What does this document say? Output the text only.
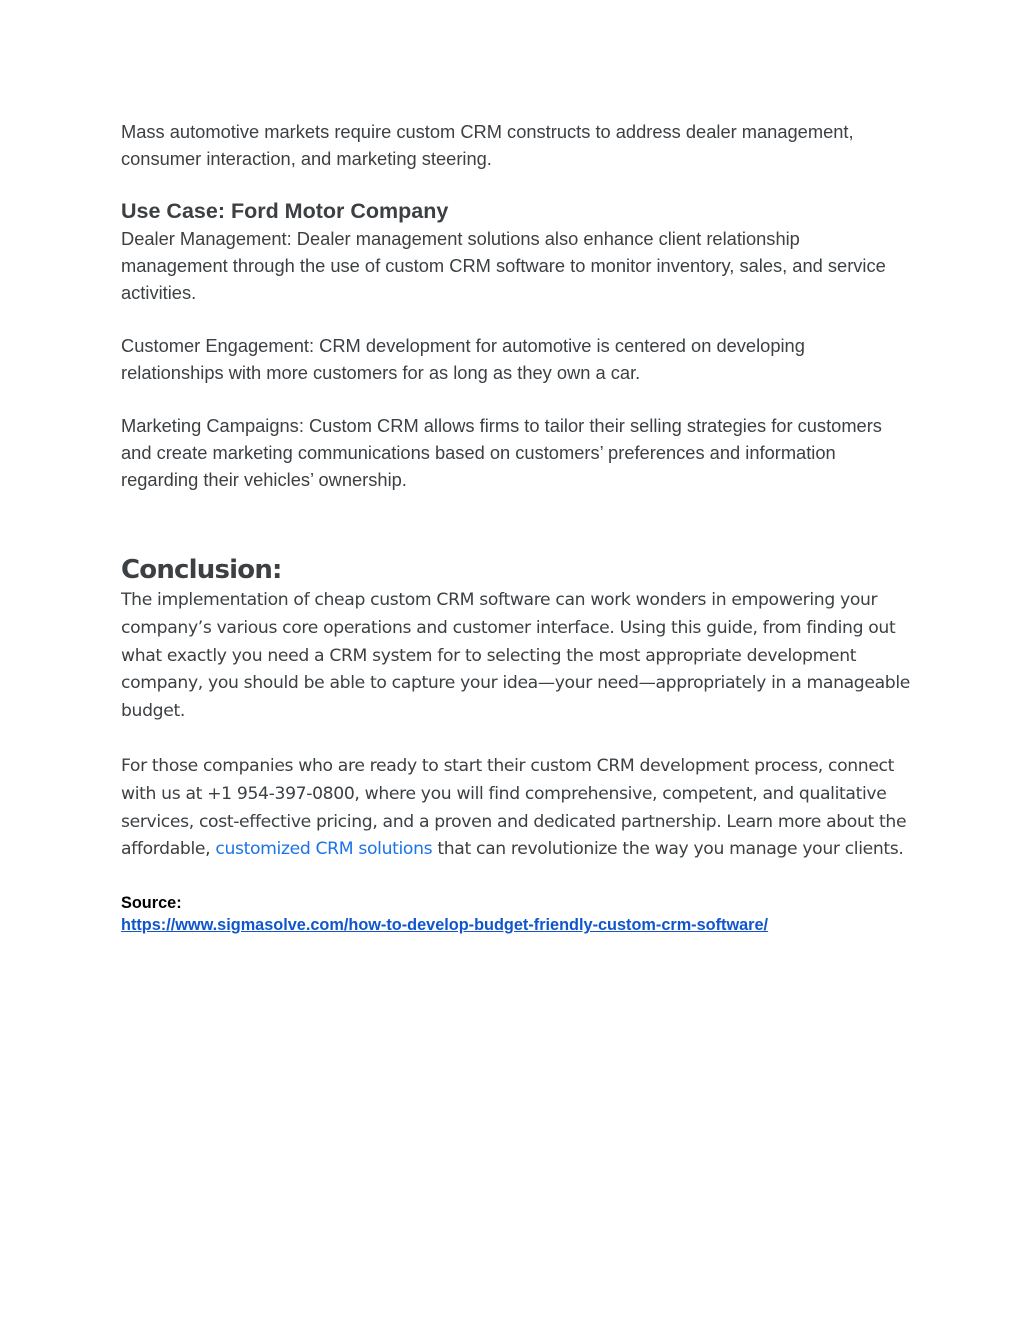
Mass automotive markets require custom CRM constructs to address dealer management, consumer interaction, and marketing steering.

Use Case: Ford Motor Company

Dealer Management: Dealer management solutions also enhance client relationship management through the use of custom CRM software to monitor inventory, sales, and service activities.

Customer Engagement: CRM development for automotive is centered on developing relationships with more customers for as long as they own a car.

Marketing Campaigns: Custom CRM allows firms to tailor their selling strategies for customers and create marketing communications based on customers’ preferences and information regarding their vehicles’ ownership.

Conclusion:

The implementation of cheap custom CRM software can work wonders in empowering your company’s various core operations and customer interface. Using this guide, from finding out what exactly you need a CRM system for to selecting the most appropriate development company, you should be able to capture your idea—your need—appropriately in a manageable budget.

For those companies who are ready to start their custom CRM development process, connect with us at +1 954-397-0800, where you will find comprehensive, competent, and qualitative services, cost-effective pricing, and a proven and dedicated partnership. Learn more about the affordable, customized CRM solutions that can revolutionize the way you manage your clients.

Source:

https://www.sigmasolve.com/how-to-develop-budget-friendly-custom-crm-software/
